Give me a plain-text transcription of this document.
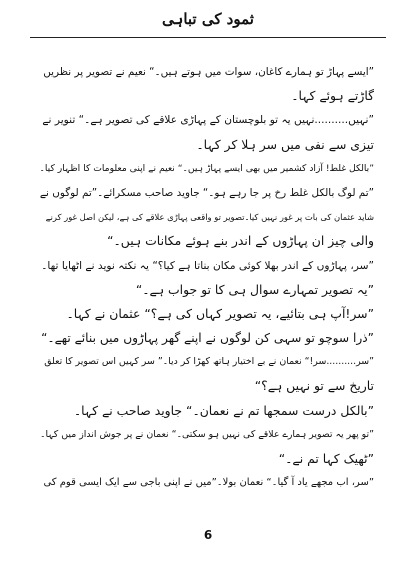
ثمود کی تباہی
”ایسے پہاڑ تو ہمارے کاغان، سوات میں ہوتے ہیں۔“ نعیم نے تصویر پر نظریں
گاڑتے ہوئے کہا۔
”نہیں..........نہیں یہ تو بلوچستان کے پہاڑی علاقے کی تصویر ہے۔“ تنویر نے
تیزی سے نفی میں سر ہلا کر کہا۔
”بالکل غلط! آزاد کشمیر میں بھی ایسے پہاڑ ہیں۔“ نعیم نے اپنی معلومات کا اظہار کیا۔
”تم لوگ بالکل غلط رخ پر جا رہے ہو۔“ جاوید صاحب مسکرائے۔”تم لوگوں نے
شاید عثمان کی بات پر غور نہیں کیا۔تصویر تو واقعی پہاڑی علاقے کی ہے، لیکن اصل غور کرنے
والی چیز ان پہاڑوں کے اندر بنے ہوئے مکانات ہیں۔“
”سر، پہاڑوں کے اندر بھلا کوئی مکان بناتا ہے کیا؟“ یہ نکتہ نوید نے اٹھایا تھا۔
”یہ تصویر تمہارے سوال ہی کا تو جواب ہے۔“
”سر!آپ ہی بتائیے، یہ تصویر کہاں کی ہے؟“ عثمان نے کہا۔
”ذرا سوچو تو سہی کن لوگوں نے اپنے گھر پہاڑوں میں بنائے تھے۔“
”سر..........سر!“ نعمان نے بے اختیار ہاتھ کھڑا کر دیا۔” سر کہیں اس تصویر کا تعلق
تاریخ سے تو نہیں ہے؟“
”بالکل درست سمجھا تم نے نعمان۔“ جاوید صاحب نے کہا۔
”تو پھر یہ تصویر ہمارے علاقے کی نہیں ہو سکتی۔“ نعمان نے پر جوش انداز میں کہا۔
”ٹھیک کہا تم نے۔“
”سر، اب مجھے یاد آ گیا۔“ نعمان بولا۔”میں نے اپنی باجی سے ایک ایسی قوم کی
6
